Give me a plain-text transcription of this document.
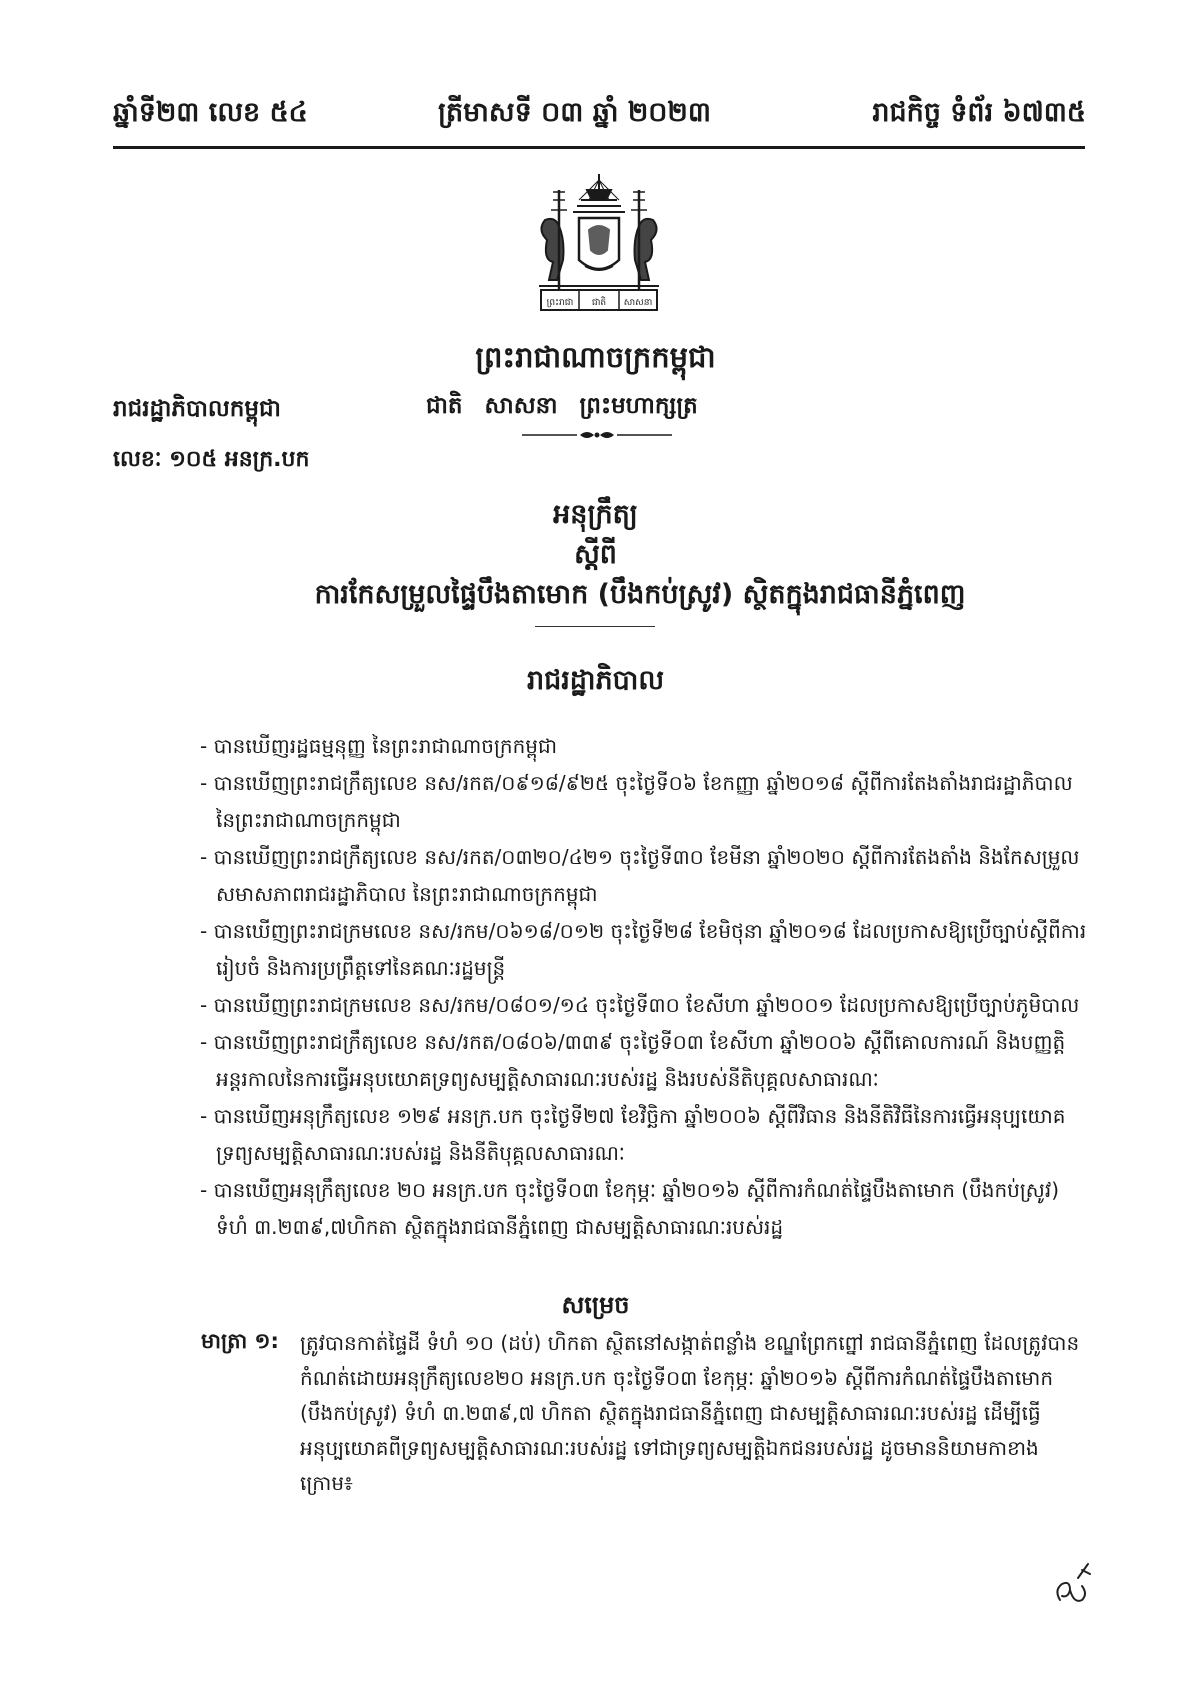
ឆ្នាំទី២៣ លេខ ៥៤	ត្រីមាសទី ០៣ ឆ្នាំ ២០២៣	រាជកិច្ច ទំព័រ ៦៧៣៥
ព្រះរាជា ជាតិ សាសនា
ព្រះរាជាណាចក្រកម្ពុជា
រាជរដ្ឋាភិបាលកម្ពុជា	ជាតិ សាសនា ព្រះមហាក្សត្រ
លេខៈ ១០៥ អនក្រ.បក
អនុក្រឹត្យ
ស្ដីពី
ការកែសម្រួលផ្ទៃបឹងតាមោក (បឹងកប់ស្រូវ) ស្ថិតក្នុងរាជធានីភ្នំពេញ
រាជរដ្ឋាភិបាល
- បានឃើញរដ្ឋធម្មនុញ្ញ នៃព្រះរាជាណាចក្រកម្ពុជា
- បានឃើញព្រះរាជក្រឹត្យលេខ នស/រកត/០៩១៨/៩២៥ ចុះថ្ងៃទី០៦ ខែកញ្ញា ឆ្នាំ២០១៨ ស្ដីពីការតែងតាំងរាជរដ្ឋាភិបាល នៃព្រះរាជាណាចក្រកម្ពុជា
- បានឃើញព្រះរាជក្រឹត្យលេខ នស/រកត/០៣២០/៤២១ ចុះថ្ងៃទី៣០ ខែមីនា ឆ្នាំ២០២០ ស្ដីពីការតែងតាំង និងកែសម្រួលសមាសភាពរាជរដ្ឋាភិបាល នៃព្រះរាជាណាចក្រកម្ពុជា
- បានឃើញព្រះរាជក្រមលេខ នស/រកម/០៦១៨/០១២ ចុះថ្ងៃទី២៨ ខែមិថុនា ឆ្នាំ២០១៨ ដែលប្រកាសឱ្យប្រើច្បាប់ស្ដីពីការរៀបចំ និងការប្រព្រឹត្តទៅនៃគណៈរដ្ឋមន្ត្រី
- បានឃើញព្រះរាជក្រមលេខ នស/រកម/០៨០១/១៤ ចុះថ្ងៃទី៣០ ខែសីហា ឆ្នាំ២០០១ ដែលប្រកាសឱ្យប្រើច្បាប់ភូមិបាល
- បានឃើញព្រះរាជក្រឹត្យលេខ នស/រកត/០៨០៦/៣៣៩ ចុះថ្ងៃទី០៣ ខែសីហា ឆ្នាំ២០០៦ ស្ដីពីគោលការណ៍ និងបញ្ញត្តិអន្តរកាលនៃការធ្វើអនុបយោគទ្រព្យសម្បត្តិសាធារណៈរបស់រដ្ឋ និងរបស់នីតិបុគ្គលសាធារណៈ
- បានឃើញអនុក្រឹត្យលេខ ១២៩ អនក្រ.បក ចុះថ្ងៃទី២៧ ខែវិច្ឆិកា ឆ្នាំ២០០៦ ស្ដីពីវិធាន និងនីតិវិធីនៃការធ្វើអនុប្បយោគទ្រព្យសម្បត្តិសាធារណៈរបស់រដ្ឋ និងនីតិបុគ្គលសាធារណៈ
- បានឃើញអនុក្រឹត្យលេខ ២០ អនក្រ.បក ចុះថ្ងៃទី០៣ ខែកុម្ភៈ ឆ្នាំ២០១៦ ស្ដីពីការកំណត់ផ្ទៃបឹងតាមោក (បឹងកប់ស្រូវ) ទំហំ ៣.២៣៩,៧ហិកតា ស្ថិតក្នុងរាជធានីភ្នំពេញ ជាសម្បត្តិសាធារណៈរបស់រដ្ឋ
សម្រេច
មាត្រា ១: ត្រូវបានកាត់ផ្ទៃដី ទំហំ ១០ (ដប់) ហិកតា ស្ថិតនៅសង្កាត់ពន្លាំង ខណ្ឌព្រែកព្នៅ រាជធានីភ្នំពេញ ដែលត្រូវបានកំណត់ដោយអនុក្រឹត្យលេខ២០ អនក្រ.បក ចុះថ្ងៃទី០៣ ខែកុម្ភៈ ឆ្នាំ២០១៦ ស្ដីពីការកំណត់ផ្ទៃបឹងតាមោក (បឹងកប់ស្រូវ) ទំហំ ៣.២៣៩,៧ ហិកតា ស្ថិតក្នុងរាជធានីភ្នំពេញ ជាសម្បត្តិសាធារណៈរបស់រដ្ឋ ដើម្បីធ្វើអនុប្បយោគពីទ្រព្យសម្បត្តិសាធារណៈរបស់រដ្ឋ ទៅជាទ្រព្យសម្បត្តិឯកជនរបស់រដ្ឋ ដូចមាននិយាមកាខាងក្រោម៖

ជ
